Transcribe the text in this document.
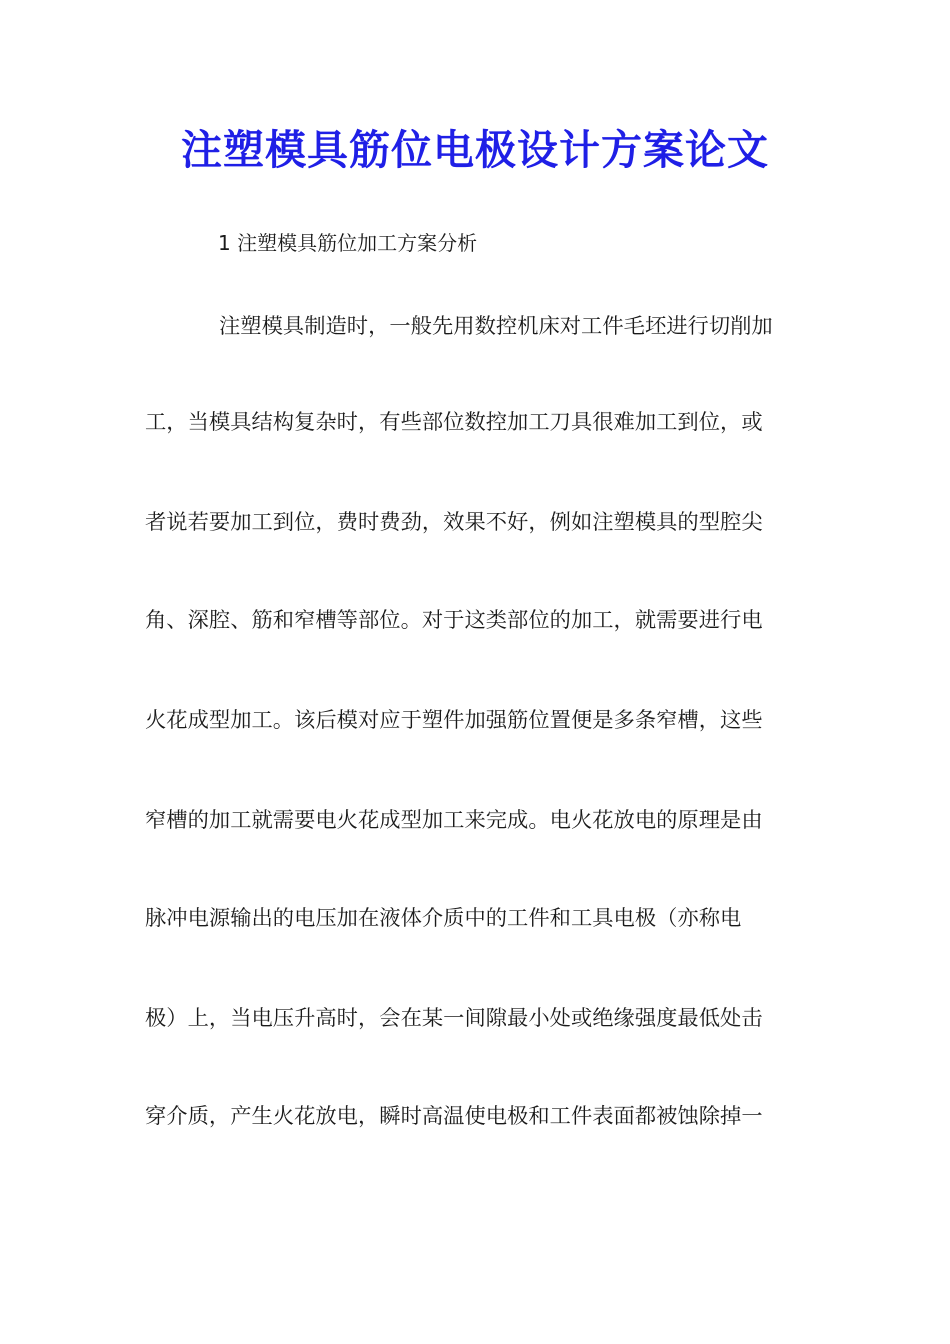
注塑模具筋位电极设计方案论文

1 注塑模具筋位加工方案分析

注塑模具制造时，一般先用数控机床对工件毛坯进行切削加

工，当模具结构复杂时，有些部位数控加工刀具很难加工到位，或

者说若要加工到位，费时费劲，效果不好，例如注塑模具的型腔尖

角、深腔、筋和窄槽等部位。对于这类部位的加工，就需要进行电

火花成型加工。该后模对应于塑件加强筋位置便是多条窄槽，这些

窄槽的加工就需要电火花成型加工来完成。电火花放电的原理是由

脉冲电源输出的电压加在液体介质中的工件和工具电极（亦称电

极）上，当电压升高时，会在某一间隙最小处或绝缘强度最低处击

穿介质，产生火花放电，瞬时高温使电极和工件表面都被蚀除掉一
